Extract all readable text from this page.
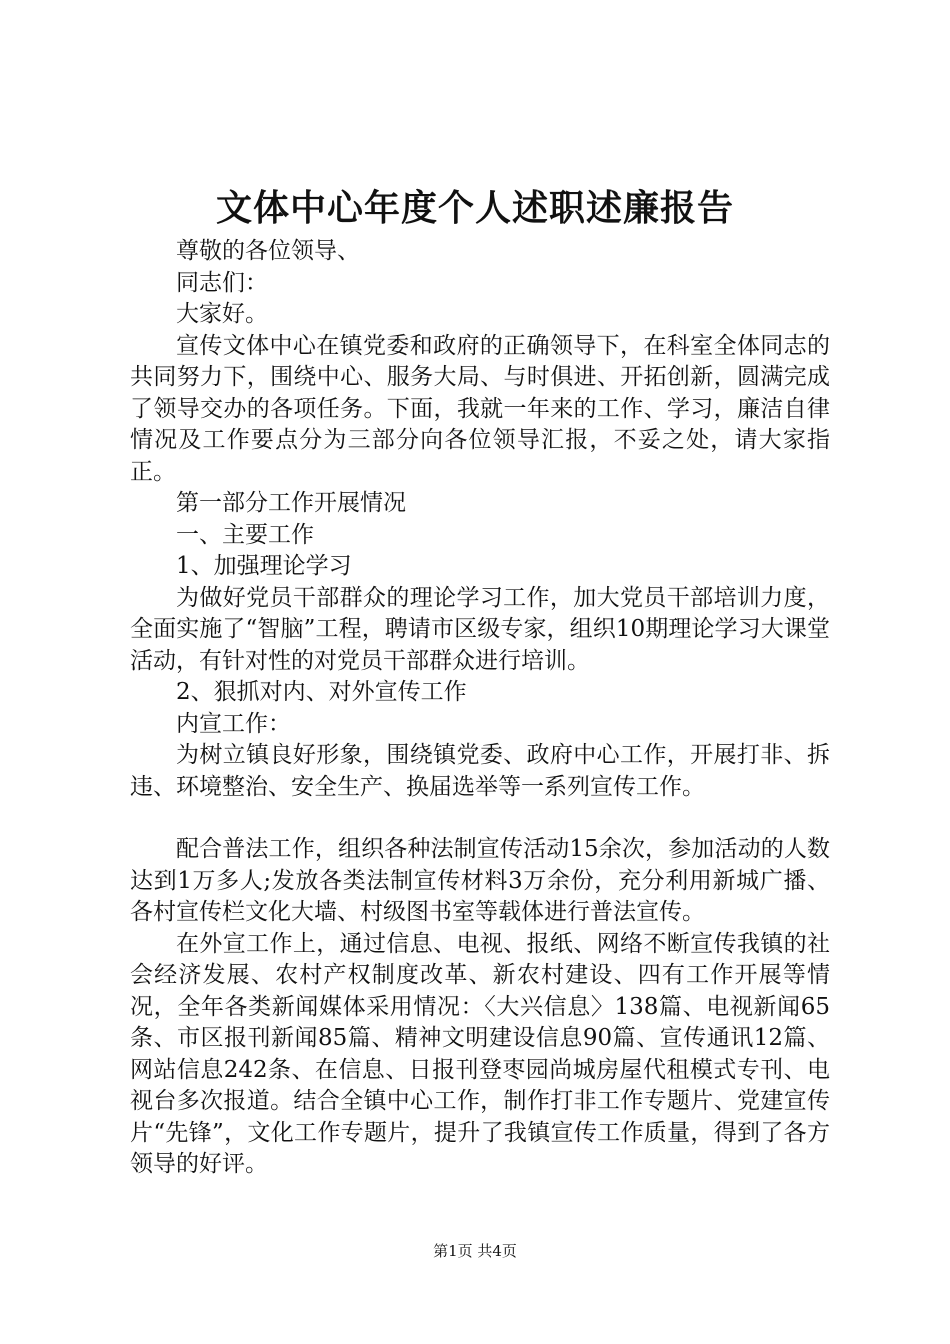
文体中心年度个人述职述廉报告

尊敬的各位领导、

同志们：

大家好。

宣传文体中心在镇党委和政府的正确领导下，在科室全体同志的共同努力下，围绕中心、服务大局、与时俱进、开拓创新，圆满完成了领导交办的各项任务。下面，我就一年来的工作、学习，廉洁自律情况及工作要点分为三部分向各位领导汇报，不妥之处，请大家指正。

第一部分工作开展情况

一、主要工作

1、加强理论学习

为做好党员干部群众的理论学习工作，加大党员干部培训力度，全面实施了“智脑”工程，聘请市区级专家，组织10期理论学习大课堂活动，有针对性的对党员干部群众进行培训。

2、狠抓对内、对外宣传工作

内宣工作：

为树立镇良好形象，围绕镇党委、政府中心工作，开展打非、拆违、环境整治、安全生产、换届选举等一系列宣传工作。

配合普法工作，组织各种法制宣传活动15余次，参加活动的人数达到1万多人;发放各类法制宣传材料3万余份，充分利用新城广播、各村宣传栏文化大墙、村级图书室等载体进行普法宣传。

在外宣工作上，通过信息、电视、报纸、网络不断宣传我镇的社会经济发展、农村产权制度改革、新农村建设、四有工作开展等情况，全年各类新闻媒体采用情况：〈大兴信息〉138篇、电视新闻65条、市区报刊新闻85篇、精神文明建设信息90篇、宣传通讯12篇、网站信息242条、在信息、日报刊登枣园尚城房屋代租模式专刊、电视台多次报道。结合全镇中心工作，制作打非工作专题片、党建宣传片“先锋”，文化工作专题片，提升了我镇宣传工作质量，得到了各方领导的好评。

第1页 共4页
